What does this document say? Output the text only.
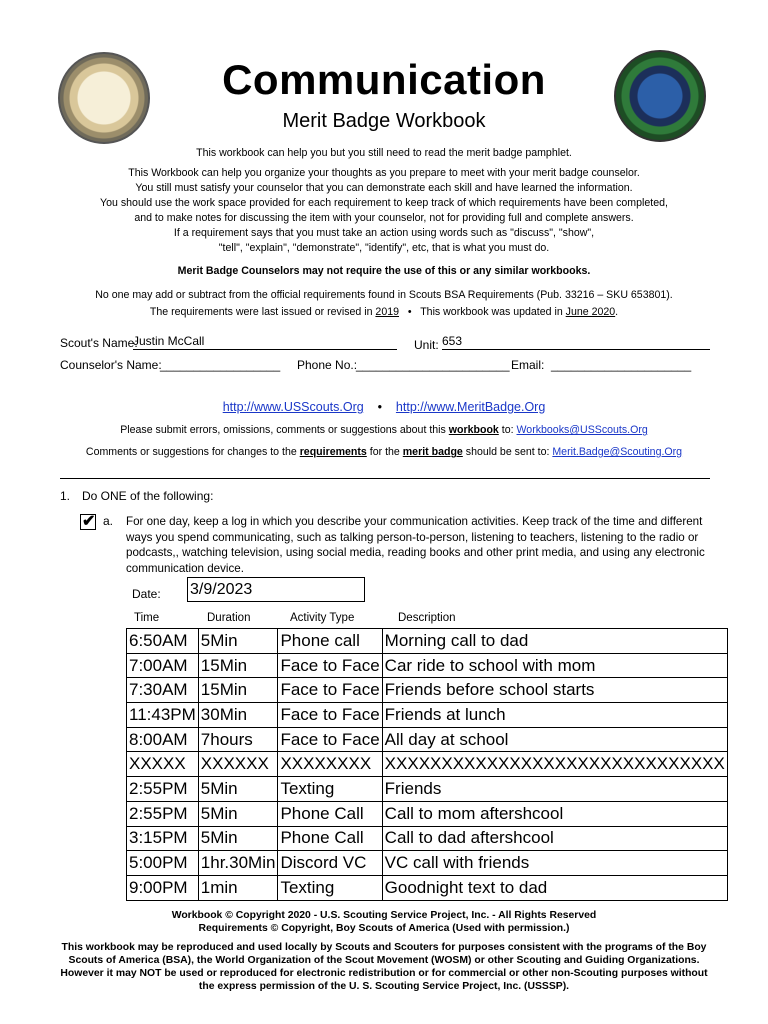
Communication
Merit Badge Workbook
This workbook can help you but you still need to read the merit badge pamphlet.
This Workbook can help you organize your thoughts as you prepare to meet with your merit badge counselor.
You still must satisfy your counselor that you can demonstrate each skill and have learned the information.
You should use the work space provided for each requirement to keep track of which requirements have been completed,
and to make notes for discussing the item with your counselor, not for providing full and complete answers.
If a requirement says that you must take an action using words such as "discuss", "show",
"tell", "explain", "demonstrate", "identify", etc, that is what you must do.
Merit Badge Counselors may not require the use of this or any similar workbooks.
No one may add or subtract from the official requirements found in Scouts BSA Requirements (Pub. 33216 – SKU 653801).
The requirements were last issued or revised in 2019 • This workbook was updated in June 2020.
Scout's Name:
Justin McCall	Unit: 653
Counselor's Name:
__________________ Phone No.:
_______________________ Email: _____________________
http://www.USScouts.Org • http://www.MeritBadge.Org
Please submit errors, omissions, comments or suggestions about this workbook to: Workbooks@USScouts.Org
Comments or suggestions for changes to the requirements for the merit badge should be sent to: Merit.Badge@Scouting.Org
1. Do ONE of the following:
✔ a. For one day, keep a log in which you describe your communication activities. Keep track of the time and different
ways you spend communicating, such as talking person-to-person, listening to teachers, listening to the radio or
podcasts,, watching television, using social media, reading books and other print media, and using any electronic
communication device.
Date: 3/9/2023
Time	Duration	Activity Type	Description
6:50AM	5Min	Phone call	Morning call to dad
7:00AM	15Min	Face to Face	Car ride to school with mom
7:30AM	15Min	Face to Face	Friends before school starts
11:43PM	30Min	Face to Face	Friends at lunch
8:00AM	7hours	Face to Face	All day at school
XXXXX	XXXXXX	XXXXXXXX	XXXXXXXXXXXXXXXXXXXXXXXXXXXXXX
2:55PM	5Min	Texting	Friends
2:55PM	5Min	Phone Call	Call to mom aftershcool
3:15PM	5Min	Phone Call	Call to dad aftershcool
5:00PM	1hr.30Min	Discord VC	VC call with friends
9:00PM	1min	Texting	Goodnight text to dad
Workbook © Copyright 2020 - U.S. Scouting Service Project, Inc. - All Rights Reserved
Requirements © Copyright, Boy Scouts of America (Used with permission.)
This workbook may be reproduced and used locally by Scouts and Scouters for purposes consistent with the programs of the Boy
Scouts of America (BSA), the World Organization of the Scout Movement (WOSM) or other Scouting and Guiding Organizations.
However it may NOT be used or reproduced for electronic redistribution or for commercial or other non-Scouting purposes without
the express permission of the U. S. Scouting Service Project, Inc. (USSSP).
